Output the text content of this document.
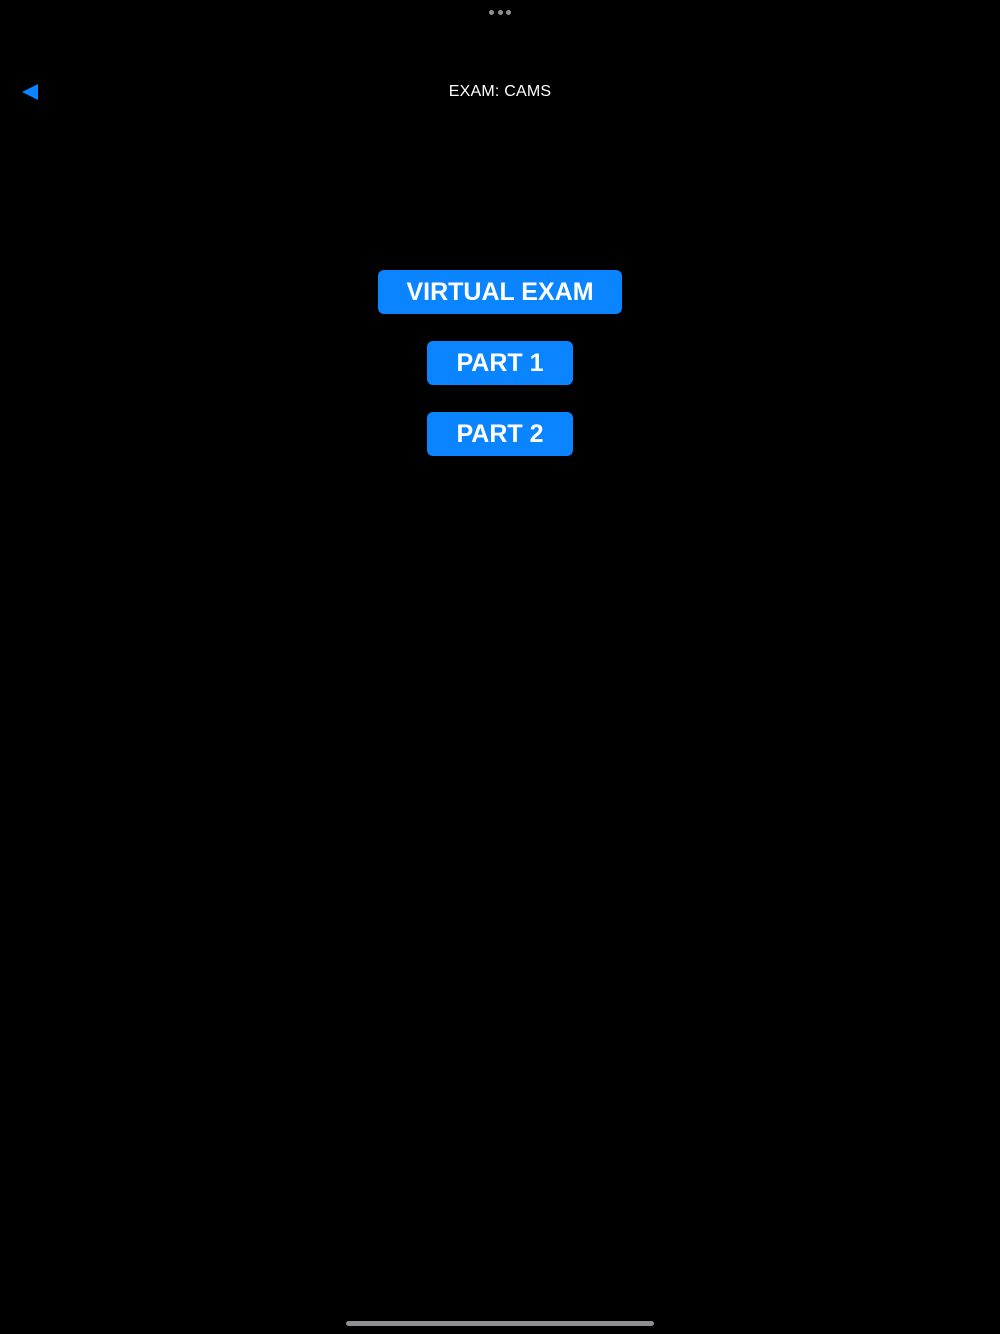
EXAM: CAMS
VIRTUAL EXAM
PART 1
PART 2
